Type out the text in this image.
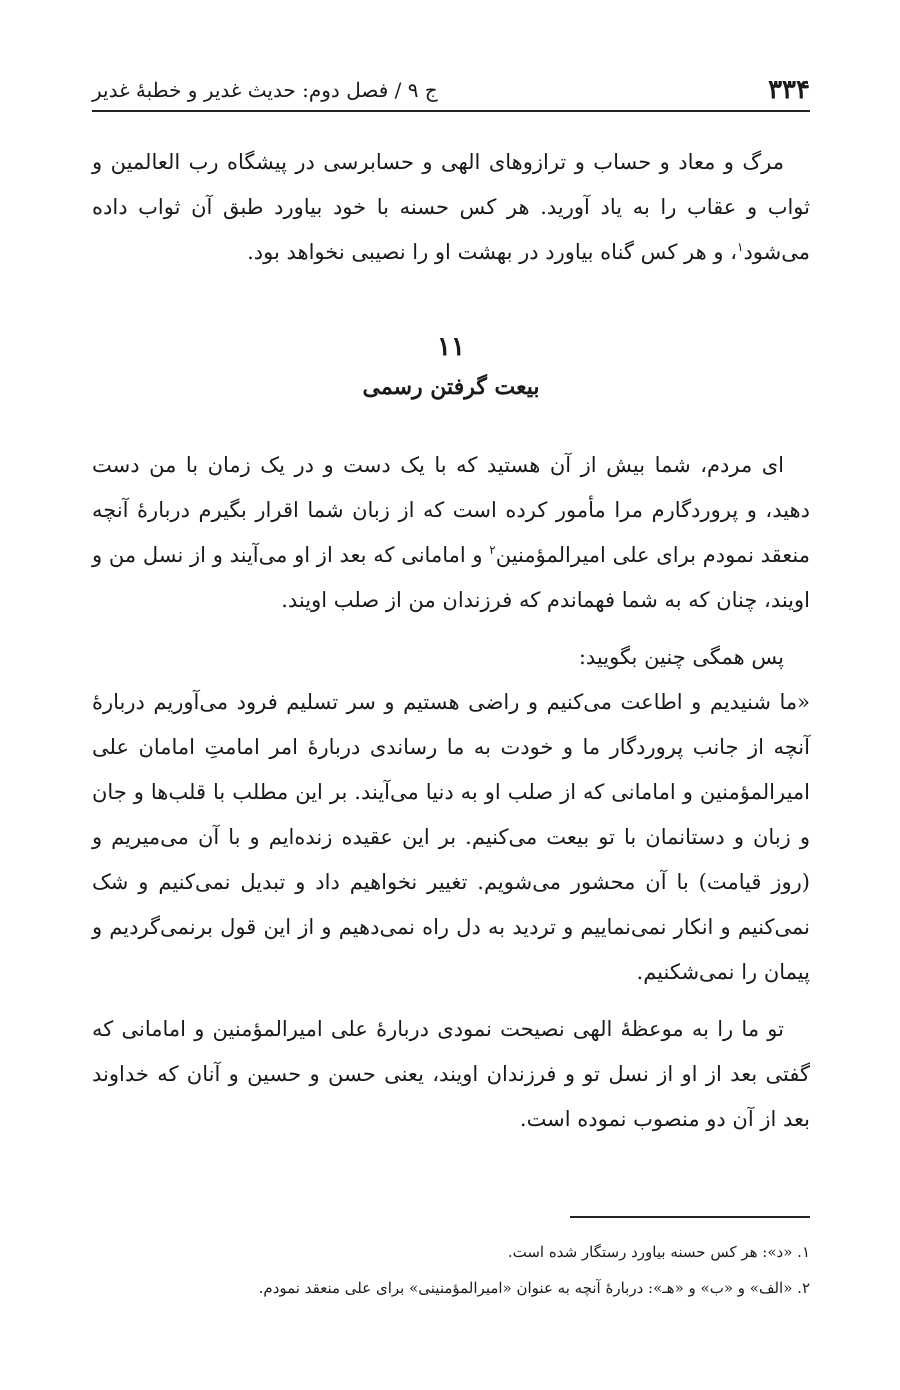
۳۳۴
ج ۹ / فصل دوم: حدیث غدیر و خطبهٔ غدیر

مرگ و معاد و حساب و ترازوهای الهی و حسابرسی در پیشگاه رب العالمین و ثواب و عقاب را به یاد آورید. هر کس حسنه با خود بیاورد طبق آن ثواب داده می‌شود$^۱$، و هر کس گناه بیاورد در بهشت او را نصیبی نخواهد بود.

۱۱
بیعت گرفتن رسمی

ای مردم، شما بیش از آن هستید که با یک دست و در یک زمان با من دست دهید، و پروردگارم مرا مأمور کرده است که از زبان شما اقرار بگیرم دربارهٔ آنچه منعقد نمودم برای علی امیرالمؤمنین$^۲$ و امامانی که بعد از او می‌آیند و از نسل من و اویند، چنان که به شما فهماندم که فرزندان من از صلب اویند.

پس همگی چنین بگویید:

«ما شنیدیم و اطاعت می‌کنیم و راضی هستیم و سر تسلیم فرود می‌آوریم دربارهٔ آنچه از جانب پروردگار ما و خودت به ما رساندی دربارهٔ امر امامتِ امامان علی امیرالمؤمنین و امامانی که از صلب او به دنیا می‌آیند. بر این مطلب با قلب‌ها و جان و زبان و دستانمان با تو بیعت می‌کنیم. بر این عقیده زنده‌ایم و با آن می‌میریم و (روز قیامت) با آن محشور می‌شویم. تغییر نخواهیم داد و تبدیل نمی‌کنیم و شک نمی‌کنیم و انکار نمی‌نماییم و تردید به دل راه نمی‌دهیم و از این قول برنمی‌گردیم و پیمان را نمی‌شکنیم.

تو ما را به موعظهٔ الهی نصیحت نمودی دربارهٔ علی امیرالمؤمنین و امامانی که گفتی بعد از او از نسل تو و فرزندان اویند، یعنی حسن و حسین و آنان که خداوند بعد از آن دو منصوب نموده است.

۱. «د»: هر کس حسنه بیاورد رستگار شده است.
۲. «الف» و «ب» و «هـ»: دربارهٔ آنچه به عنوان «امیرالمؤمنینی» برای علی منعقد نمودم.
